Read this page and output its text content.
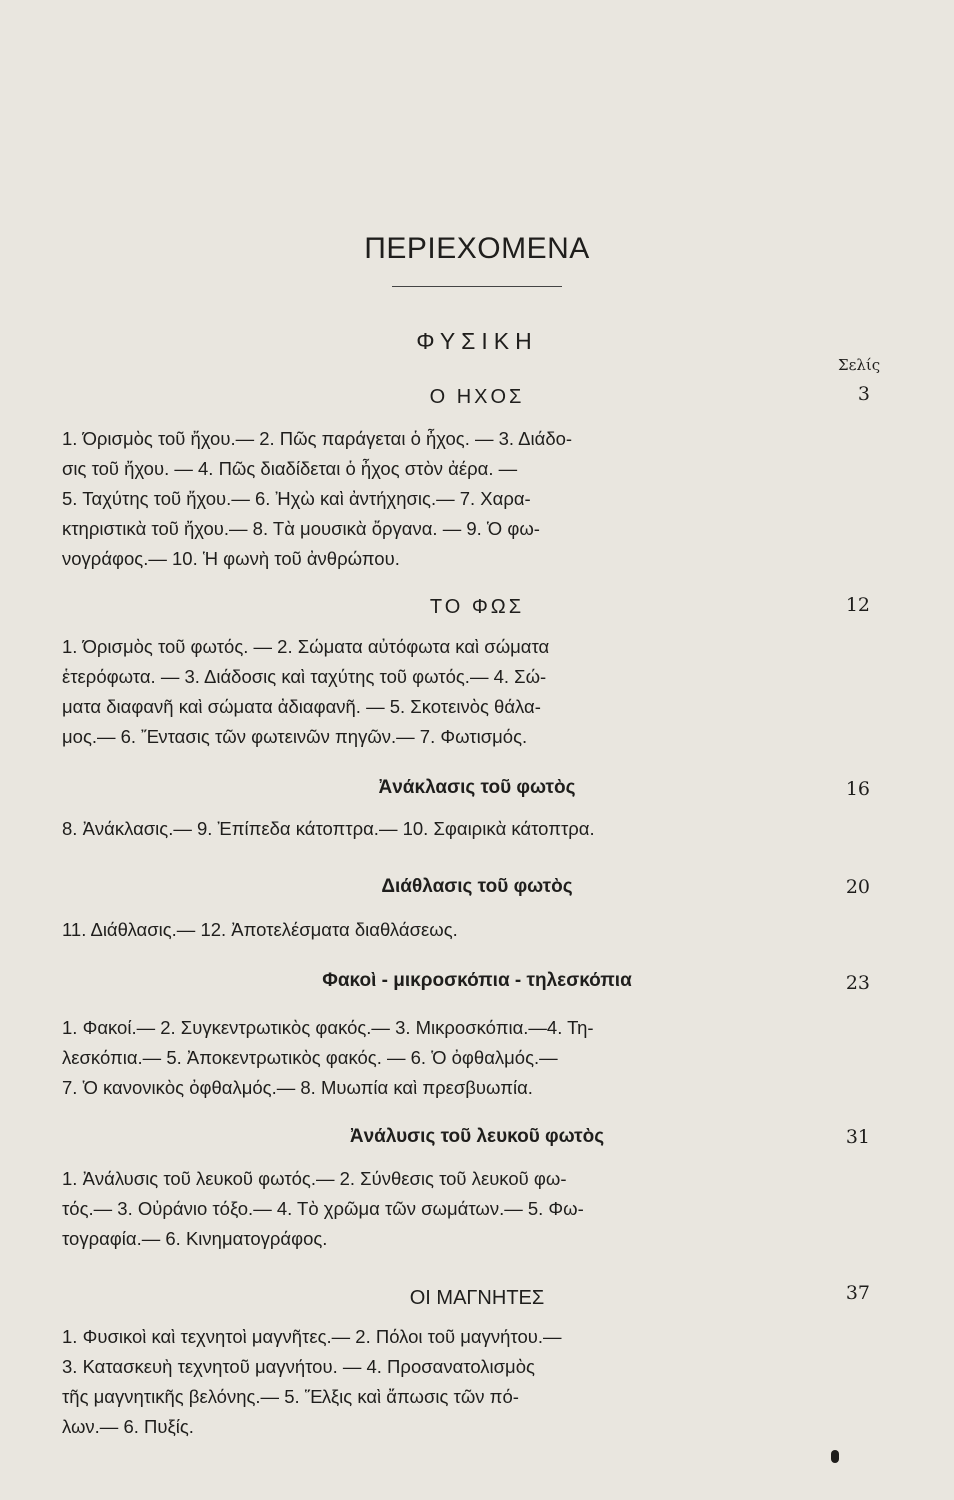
ΠΕΡΙΕΧΟΜΕΝΑ
ΦΥΣΙΚΗ
Σελίς
Ο ΗΧΟΣ	3
1. Όρισμὸς τοῦ ἤχου.— 2. Πῶς παράγεται ὁ ἦχος. — 3. Διάδο-
σις τοῦ ἤχου. — 4. Πῶς διαδίδεται ὁ ἦχος στὸν ἀέρα. —
5. Ταχύτης τοῦ ἤχου.— 6. Ἠχὼ καὶ ἀντήχησις.— 7. Χαρα-
κτηριστικὰ τοῦ ἤχου.— 8. Τὰ μουσικὰ ὄργανα. — 9. Ὁ φω-
νογράφος.— 10. Ἡ φωνὴ τοῦ ἀνθρώπου.
ΤΟ ΦΩΣ	12
1. Όρισμὸς τοῦ φωτός. — 2. Σώματα αὐτόφωτα καὶ σώματα
ἑτερόφωτα. — 3. Διάδοσις καὶ ταχύτης τοῦ φωτός.— 4. Σώ-
ματα διαφανῆ καὶ σώματα ἀδιαφανῆ. — 5. Σκοτεινὸς θάλα-
μος.— 6. Ἔντασις τῶν φωτεινῶν πηγῶν.— 7. Φωτισμός.
Ἀνάκλασις τοῦ φωτὸς	16
8. Ἀνάκλασις.— 9. Ἐπίπεδα κάτοπτρα.— 10. Σφαιρικὰ κάτοπτρα.
Διάθλασις τοῦ φωτὸς	20
11. Διάθλασις.— 12. Ἀποτελέσματα διαθλάσεως.
Φακοὶ - μικροσκόπια - τηλεσκόπια	23
1. Φακοί.— 2. Συγκεντρωτικὸς φακός.— 3. Μικροσκόπια.—4. Τη-
λεσκόπια.— 5. Ἀποκεντρωτικὸς φακός. — 6. Ὁ ὀφθαλμός.—
7. Ὁ κανονικὸς ὀφθαλμός.— 8. Μυωπία καὶ πρεσβυωπία.
Ἀνάλυσις τοῦ λευκοῦ φωτὸς	31
1. Ἀνάλυσις τοῦ λευκοῦ φωτός.— 2. Σύνθεσις τοῦ λευκοῦ φω-
τός.— 3. Οὐράνιο τόξο.— 4. Τὸ χρῶμα τῶν σωμάτων.— 5. Φω-
τογραφία.— 6. Κινηματογράφος.
ΟΙ ΜΑΓΝΗΤΕΣ	37
1. Φυσικοὶ καὶ τεχνητοὶ μαγνῆτες.— 2. Πόλοι τοῦ μαγνήτου.—
3. Κατασκευὴ τεχνητοῦ μαγνήτου. — 4. Προσανατολισμὸς
τῆς μαγνητικῆς βελόνης.— 5. Ἕλξις καὶ ἄπωσις τῶν πό-
λων.— 6. Πυξίς.
